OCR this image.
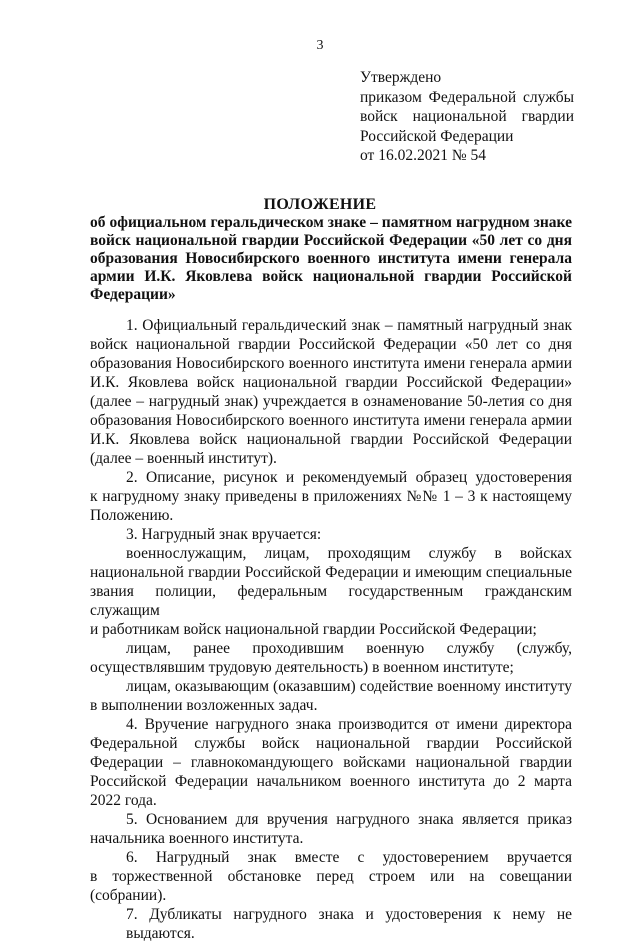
3
Утверждено
приказом Федеральной службы
войск национальной гвардии
Российской Федерации
от 16.02.2021 № 54
ПОЛОЖЕНИЕ
об официальном геральдическом знаке – памятном нагрудном знаке
войск национальной гвардии Российской Федерации «50 лет со дня
образования Новосибирского военного института имени генерала
армии И.К. Яковлева войск национальной гвардии Российской
Федерации»
1. Официальный геральдический знак – памятный нагрудный знак
войск национальной гвардии Российской Федерации «50 лет со дня
образования Новосибирского военного института имени генерала армии
И.К. Яковлева войск национальной гвардии Российской Федерации»
(далее – нагрудный знак) учреждается в ознаменование 50-летия со дня
образования Новосибирского военного института имени генерала армии
И.К. Яковлева войск национальной гвардии Российской Федерации
(далее – военный институт).
2. Описание, рисунок и рекомендуемый образец удостоверения
к нагрудному знаку приведены в приложениях №№ 1 – 3 к настоящему
Положению.
3. Нагрудный знак вручается:
военнослужащим, лицам, проходящим службу в войсках
национальной гвардии Российской Федерации и имеющим специальные
звания полиции, федеральным государственным гражданским служащим
и работникам войск национальной гвардии Российской Федерации;
лицам, ранее проходившим военную службу (службу,
осуществлявшим трудовую деятельность) в военном институте;
лицам, оказывающим (оказавшим) содействие военному институту
в выполнении возложенных задач.
4. Вручение нагрудного знака производится от имени директора
Федеральной службы войск национальной гвардии Российской
Федерации – главнокомандующего войсками национальной гвардии
Российской Федерации начальником военного института до 2 марта
2022 года.
5. Основанием для вручения нагрудного знака является приказ
начальника военного института.
6. Нагрудный знак вместе с удостоверением вручается
в торжественной обстановке перед строем или на совещании (собрании).
7. Дубликаты нагрудного знака и удостоверения к нему не выдаются.
